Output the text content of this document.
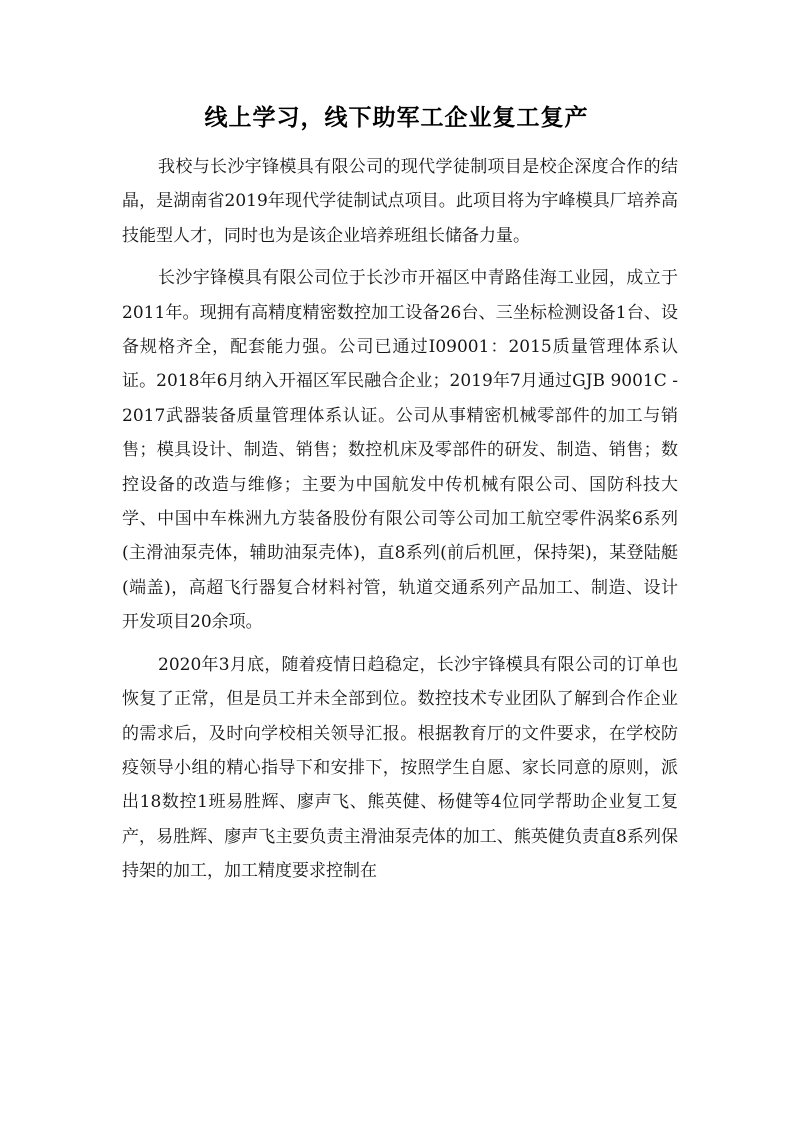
线上学习，线下助军工企业复工复产

我校与长沙宇锋模具有限公司的现代学徒制项目是校企深度合作的结晶，是湖南省2019年现代学徒制试点项目。此项目将为宇峰模具厂培养高技能型人才，同时也为是该企业培养班组长储备力量。

长沙宇锋模具有限公司位于长沙市开福区中青路佳海工业园，成立于2011年。现拥有高精度精密数控加工设备26台、三坐标检测设备1台、设备规格齐全，配套能力强。公司已通过I09001：2015质量管理体系认证。2018年6月纳入开福区军民融合企业；2019年7月通过GJB 9001C -2017武器装备质量管理体系认证。公司从事精密机械零部件的加工与销售；模具设计、制造、销售；数控机床及零部件的研发、制造、销售；数控设备的改造与维修；主要为中国航发中传机械有限公司、国防科技大学、中国中车株洲九方装备股份有限公司等公司加工航空零件涡桨6系列(主滑油泵壳体，辅助油泵壳体)，直8系列(前后机匣，保持架)，某登陆艇(端盖)，高超飞行器复合材料衬管，轨道交通系列产品加工、制造、设计开发项目20余项。

2020年3月底，随着疫情日趋稳定，长沙宇锋模具有限公司的订单也恢复了正常，但是员工并未全部到位。数控技术专业团队了解到合作企业的需求后，及时向学校相关领导汇报。根据教育厅的文件要求，在学校防疫领导小组的精心指导下和安排下，按照学生自愿、家长同意的原则，派出18数控1班易胜辉、廖声飞、熊英健、杨健等4位同学帮助企业复工复产，易胜辉、廖声飞主要负责主滑油泵壳体的加工、熊英健负责直8系列保持架的加工，加工精度要求控制在
